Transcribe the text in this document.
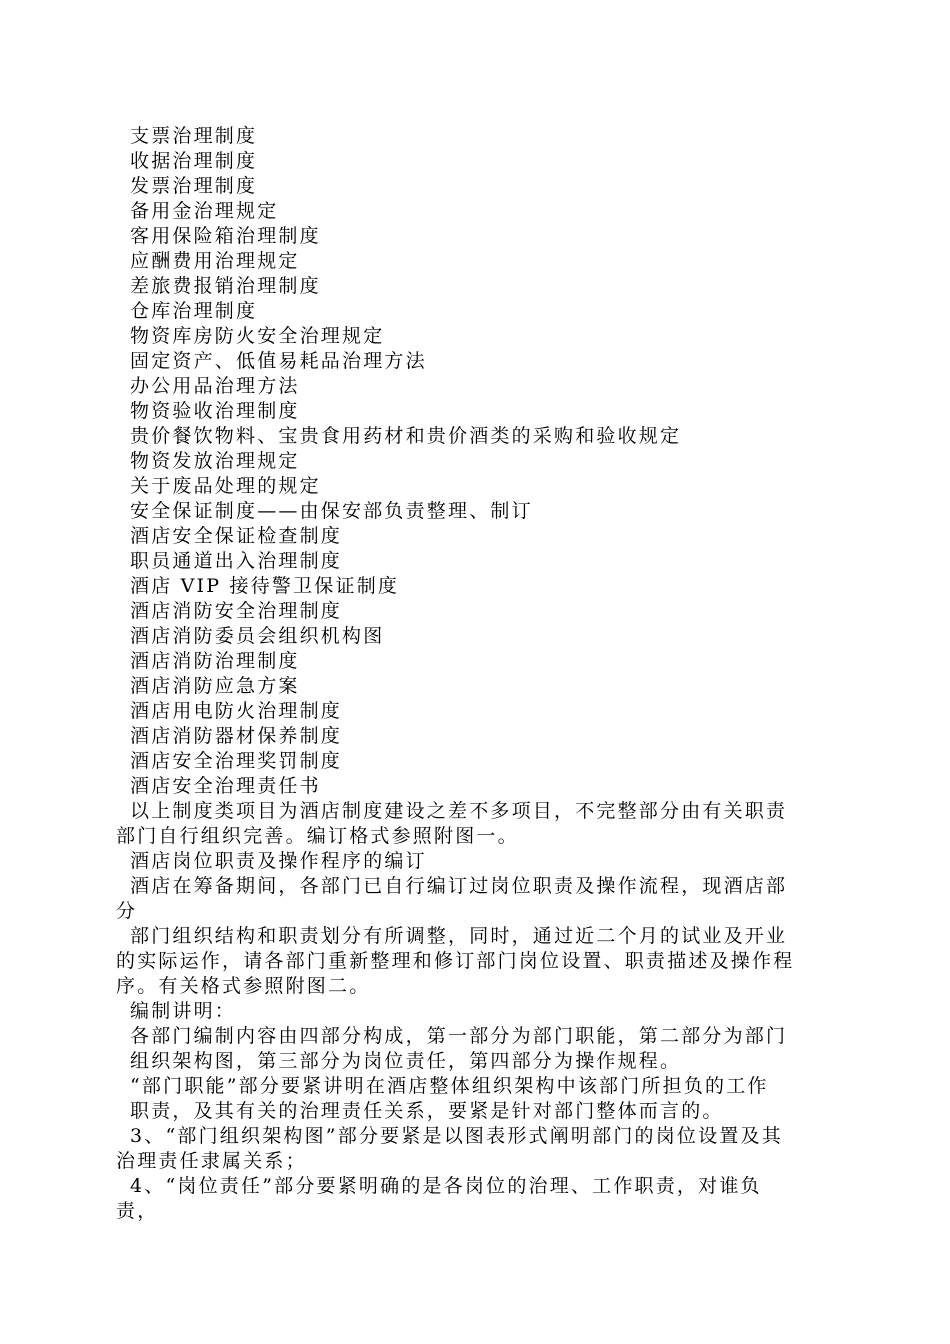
支票治理制度
收据治理制度
发票治理制度
备用金治理规定
客用保险箱治理制度
应酬费用治理规定
差旅费报销治理制度
仓库治理制度
物资库房防火安全治理规定
固定资产、低值易耗品治理方法
办公用品治理方法
物资验收治理制度
贵价餐饮物料、宝贵食用药材和贵价酒类的采购和验收规定
物资发放治理规定
关于废品处理的规定
安全保证制度——由保安部负责整理、制订
酒店安全保证检查制度
职员通道出入治理制度
酒店 VIP 接待警卫保证制度
酒店消防安全治理制度
酒店消防委员会组织机构图
酒店消防治理制度
酒店消防应急方案
酒店用电防火治理制度
酒店消防器材保养制度
酒店安全治理奖罚制度
酒店安全治理责任书
以上制度类项目为酒店制度建设之差不多项目，不完整部分由有关职责
部门自行组织完善。编订格式参照附图一。
酒店岗位职责及操作程序的编订
酒店在筹备期间，各部门已自行编订过岗位职责及操作流程，现酒店部
分
部门组织结构和职责划分有所调整，同时，通过近二个月的试业及开业
的实际运作，请各部门重新整理和修订部门岗位设置、职责描述及操作程
序。有关格式参照附图二。
编制讲明：
各部门编制内容由四部分构成，第一部分为部门职能，第二部分为部门
组织架构图，第三部分为岗位责任，第四部分为操作规程。
“部门职能”部分要紧讲明在酒店整体组织架构中该部门所担负的工作
职责，及其有关的治理责任关系，要紧是针对部门整体而言的。
3、“部门组织架构图”部分要紧是以图表形式阐明部门的岗位设置及其
治理责任隶属关系；
4、“岗位责任”部分要紧明确的是各岗位的治理、工作职责，对谁负
责，
